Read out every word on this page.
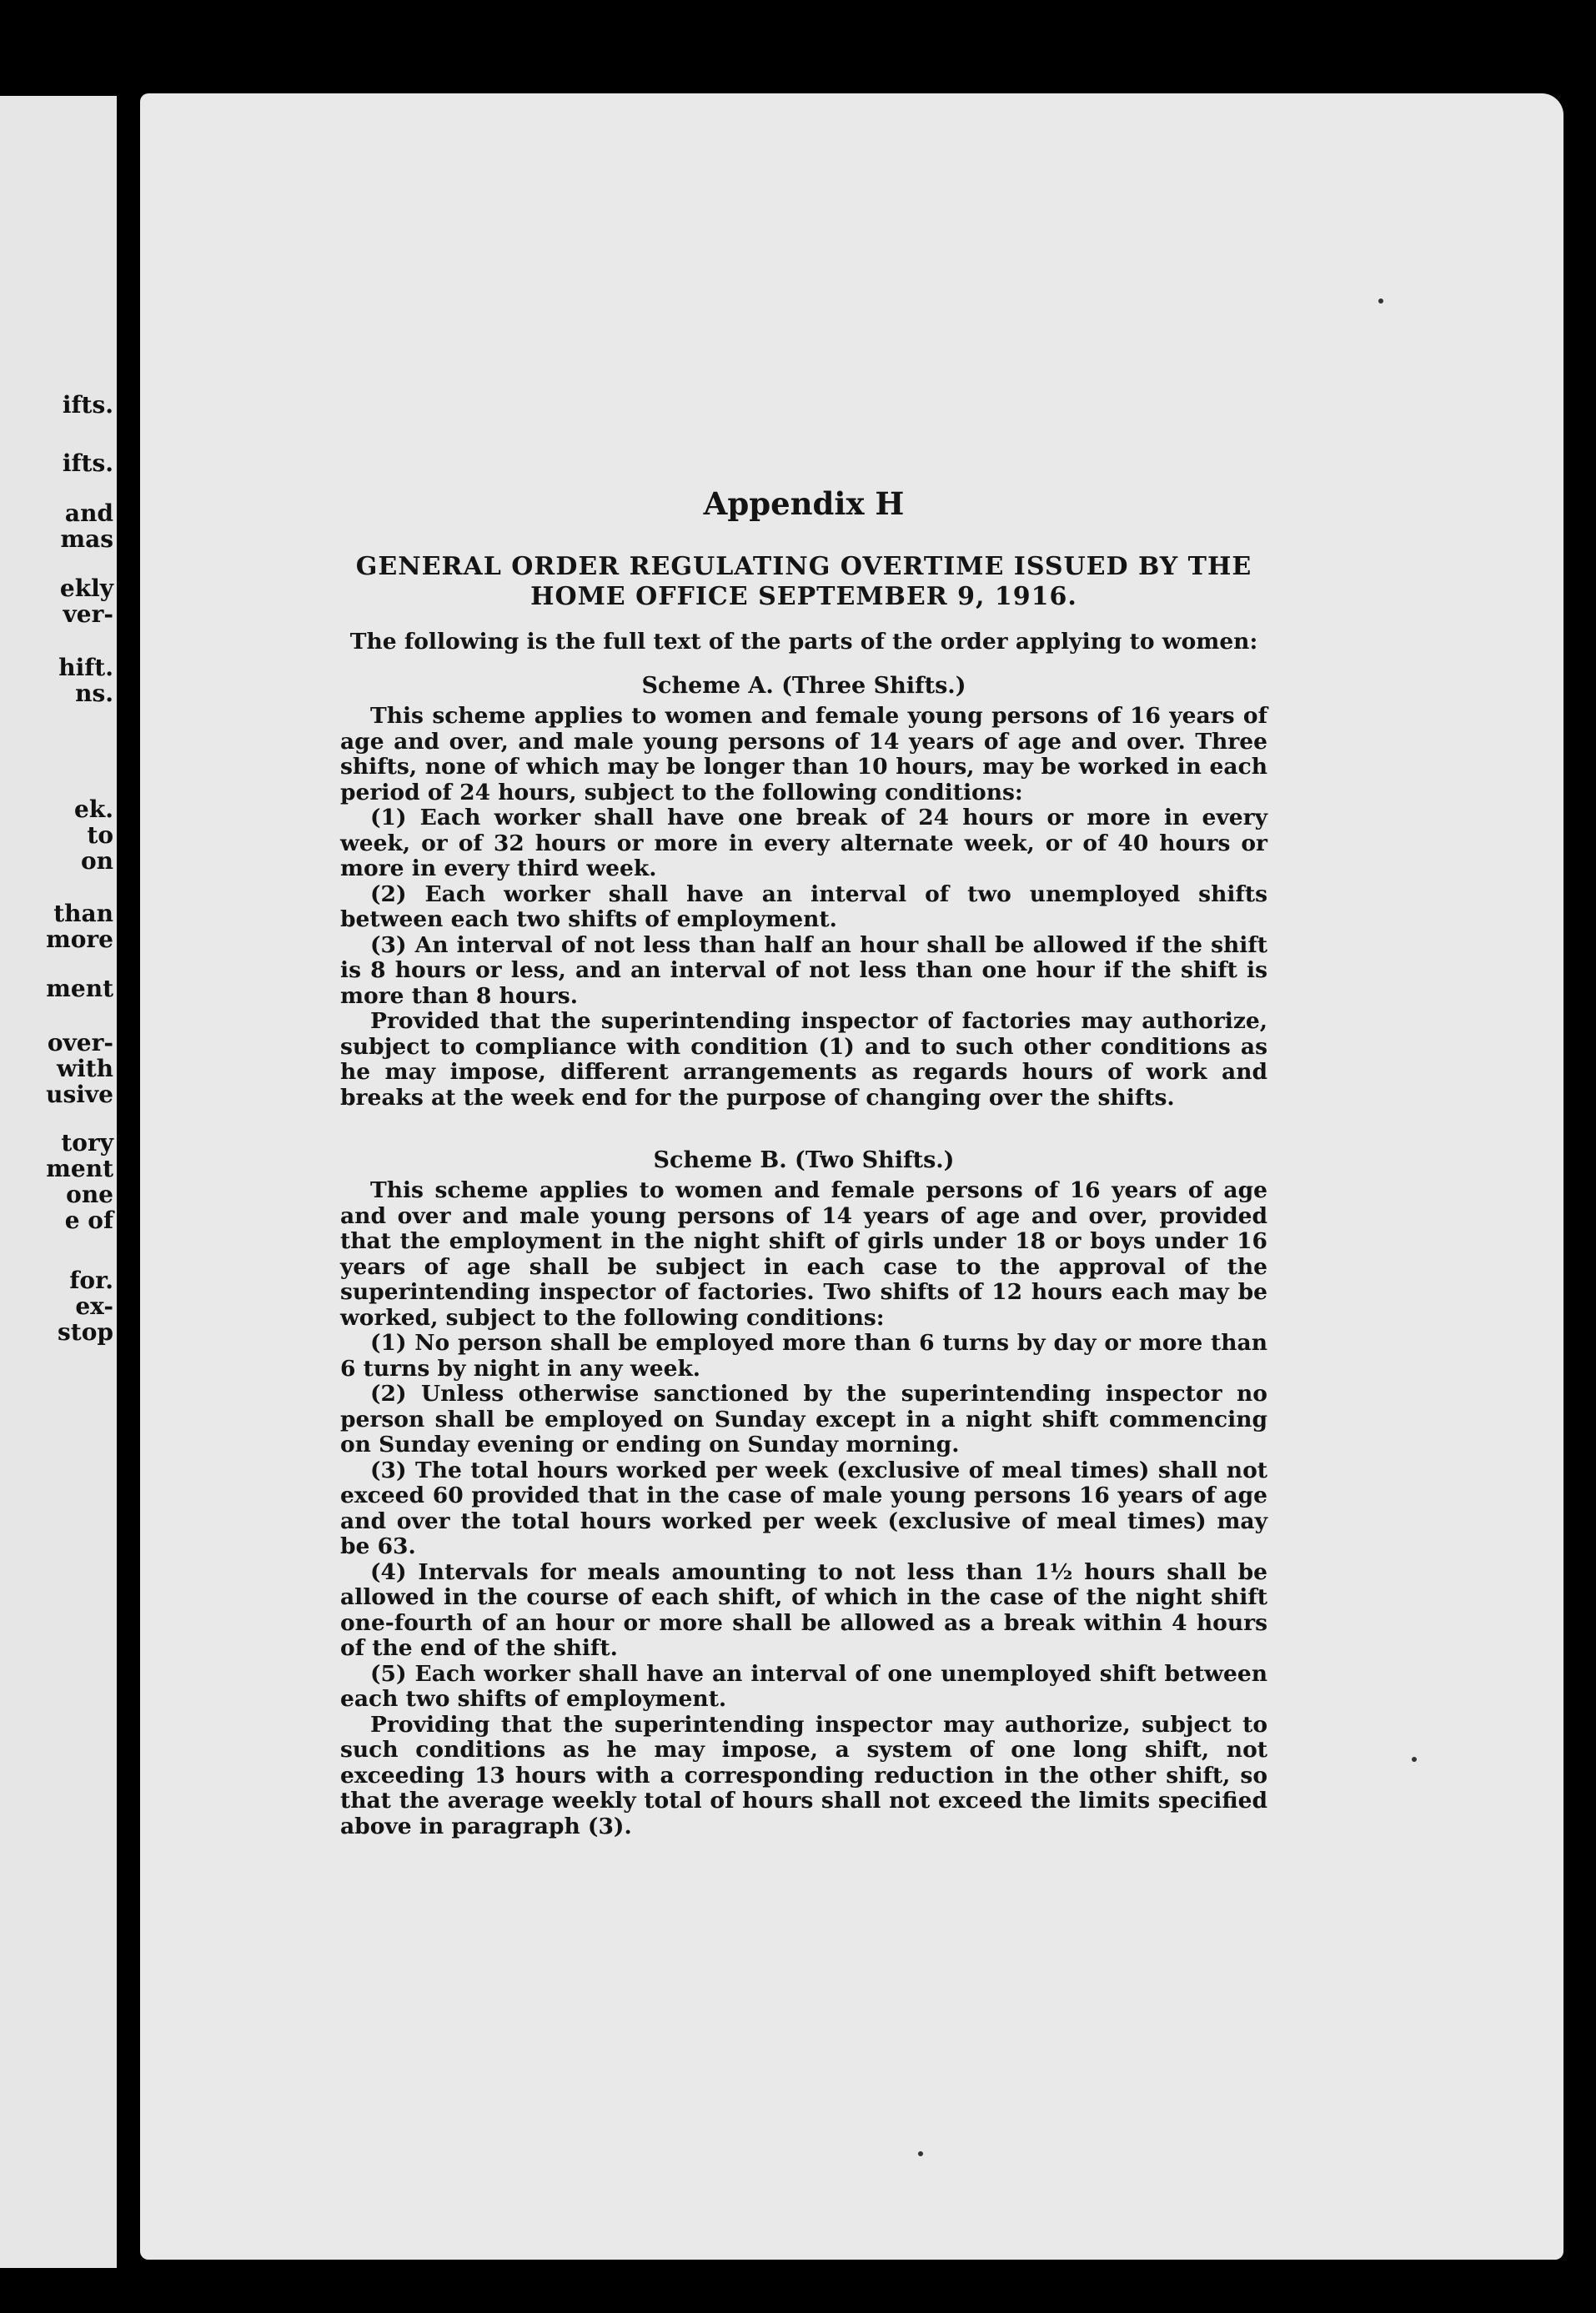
ifts.
ifts.
and
mas
ekly
ver-
hift.
ns.
ek.
to
on
than
more
ment
over-
with
usive
tory
ment
one
e of
for.
ex-
stop
Appendix H
GENERAL ORDER REGULATING OVERTIME ISSUED BY THE HOME OFFICE SEPTEMBER 9, 1916.
The following is the full text of the parts of the order applying to women:
Scheme A. (Three Shifts.)

This scheme applies to women and female young persons of 16 years of age and over, and male young persons of 14 years of age and over. Three shifts, none of which may be longer than 10 hours, may be worked in each period of 24 hours, subject to the following conditions:

(1) Each worker shall have one break of 24 hours or more in every week, or of 32 hours or more in every alternate week, or of 40 hours or more in every third week.

(2) Each worker shall have an interval of two unemployed shifts between each two shifts of employment.

(3) An interval of not less than half an hour shall be allowed if the shift is 8 hours or less, and an interval of not less than one hour if the shift is more than 8 hours.

Provided that the superintending inspector of factories may authorize, subject to compliance with condition (1) and to such other conditions as he may impose, different arrangements as regards hours of work and breaks at the week end for the purpose of changing over the shifts.

Scheme B. (Two Shifts.)

This scheme applies to women and female persons of 16 years of age and over and male young persons of 14 years of age and over, provided that the employment in the night shift of girls under 18 or boys under 16 years of age shall be subject in each case to the approval of the superintending inspector of factories. Two shifts of 12 hours each may be worked, subject to the following conditions:

(1) No person shall be employed more than 6 turns by day or more than 6 turns by night in any week.

(2) Unless otherwise sanctioned by the superintending inspector no person shall be employed on Sunday except in a night shift commencing on Sunday evening or ending on Sunday morning.

(3) The total hours worked per week (exclusive of meal times) shall not exceed 60 provided that in the case of male young persons 16 years of age and over the total hours worked per week (exclusive of meal times) may be 63.

(4) Intervals for meals amounting to not less than 1½ hours shall be allowed in the course of each shift, of which in the case of the night shift one-fourth of an hour or more shall be allowed as a break within 4 hours of the end of the shift.

(5) Each worker shall have an interval of one unemployed shift between each two shifts of employment.

Providing that the superintending inspector may authorize, subject to such conditions as he may impose, a system of one long shift, not exceeding 13 hours with a corresponding reduction in the other shift, so that the average weekly total of hours shall not exceed the limits specified above in paragraph (3).
